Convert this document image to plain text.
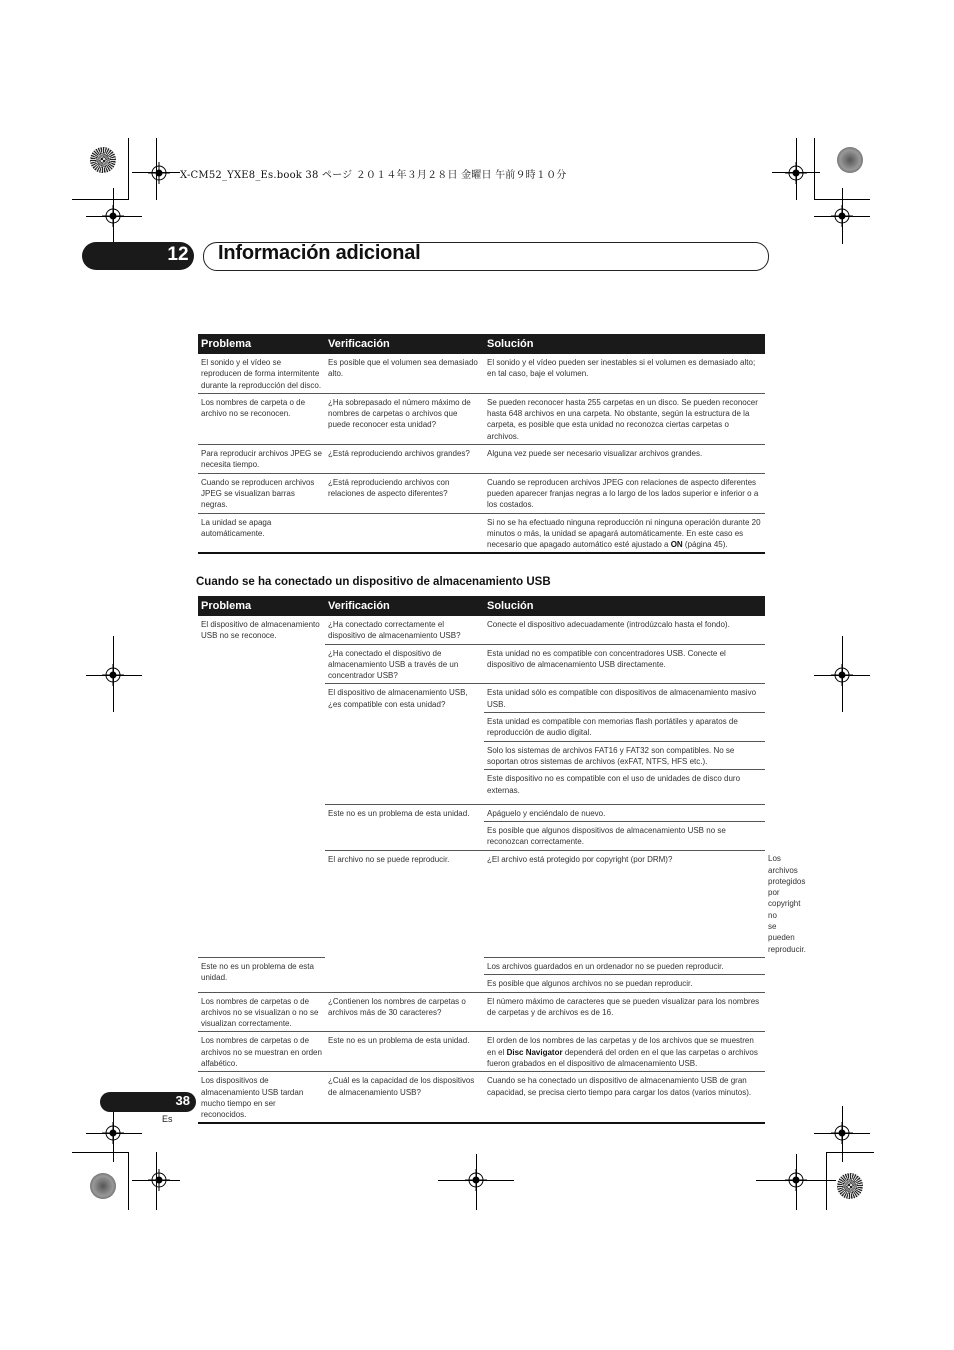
X-CM52_YXE8_Es.book 38 ページ ２０１４年３月２８日 金曜日 午前９時１０分
12 Información adicional
Problema	Verificación	Solución
El sonido y el vídeo se reproducen de forma intermitente durante la reproducción del disco.	Es posible que el volumen sea demasiado alto.	El sonido y el vídeo pueden ser inestables si el volumen es demasiado alto; en tal caso, baje el volumen.
Los nombres de carpeta o de archivo no se reconocen.	¿Ha sobrepasado el número máximo de nombres de carpetas o archivos que puede reconocer esta unidad?	Se pueden reconocer hasta 255 carpetas en un disco. Se pueden reconocer hasta 648 archivos en una carpeta. No obstante, según la estructura de la carpeta, es posible que esta unidad no reconozca ciertas carpetas o archivos.
Para reproducir archivos JPEG se necesita tiempo.	¿Está reproduciendo archivos grandes?	Alguna vez puede ser necesario visualizar archivos grandes.
Cuando se reproducen archivos JPEG se visualizan barras negras.	¿Está reproduciendo archivos con relaciones de aspecto diferentes?	Cuando se reproducen archivos JPEG con relaciones de aspecto diferentes pueden aparecer franjas negras a lo largo de los lados superior e inferior o a los costados.
La unidad se apaga automáticamente.		Si no se ha efectuado ninguna reproducción ni ninguna operación durante 20 minutos o más, la unidad se apagará automáticamente. En este caso es necesario que apagado automático esté ajustado a ON (página 45).
Cuando se ha conectado un dispositivo de almacenamiento USB
Problema	Verificación	Solución	
El dispositivo de almacenamiento USB no se reconoce.	¿Ha conectado correctamente el dispositivo de almacenamiento USB?	Conecte el dispositivo adecuadamente (introdúzcalo hasta el fondo).	
	¿Ha conectado el dispositivo de almacenamiento USB a través de un concentrador USB?	Esta unidad no es compatible con concentradores USB. Conecte el dispositivo de almacenamiento USB directamente.	
	El dispositivo de almacenamiento USB, ¿es compatible con esta unidad?	Esta unidad sólo es compatible con dispositivos de almacenamiento masivo USB.	
		Esta unidad es compatible con memorias flash portátiles y aparatos de reproducción de audio digital.	
		Solo los sistemas de archivos FAT16 y FAT32 son compatibles. No se soportan otros sistemas de archivos (exFAT, NTFS, HFS etc.).	
		Este dispositivo no es compatible con el uso de unidades de disco duro externas.	
	Este no es un problema de esta unidad.	Apáguelo y enciéndalo de nuevo.	
		Es posible que algunos dispositivos de almacenamiento USB no se reconozcan correctamente.	
	El archivo no se puede reproducir.	¿El archivo está protegido por copyright (por DRM)?	Los archivos protegidos por copyright no se pueden reproducir.
Este no es un problema de esta unidad.		Los archivos guardados en un ordenador no se pueden reproducir.	
		Es posible que algunos archivos no se puedan reproducir.	
Los nombres de carpetas o de archivos no se visualizan o no se visualizan correctamente.	¿Contienen los nombres de carpetas o archivos más de 30 caracteres?	El número máximo de caracteres que se pueden visualizar para los nombres de carpetas y de archivos es de 16.	
Los nombres de carpetas o de archivos no se muestran en orden alfabético.	Este no es un problema de esta unidad.	El orden de los nombres de las carpetas y de los archivos que se muestren en el Disc Navigator dependerá del orden en el que las carpetas o archivos fueron grabados en el dispositivo de almacenamiento USB.	
Los dispositivos de almacenamiento USB tardan mucho tiempo en ser reconocidos.	¿Cuál es la capacidad de los dispositivos de almacenamiento USB?	Cuando se ha conectado un dispositivo de almacenamiento USB de gran capacidad, se precisa cierto tiempo para cargar los datos (varios minutos).	
38
Es
